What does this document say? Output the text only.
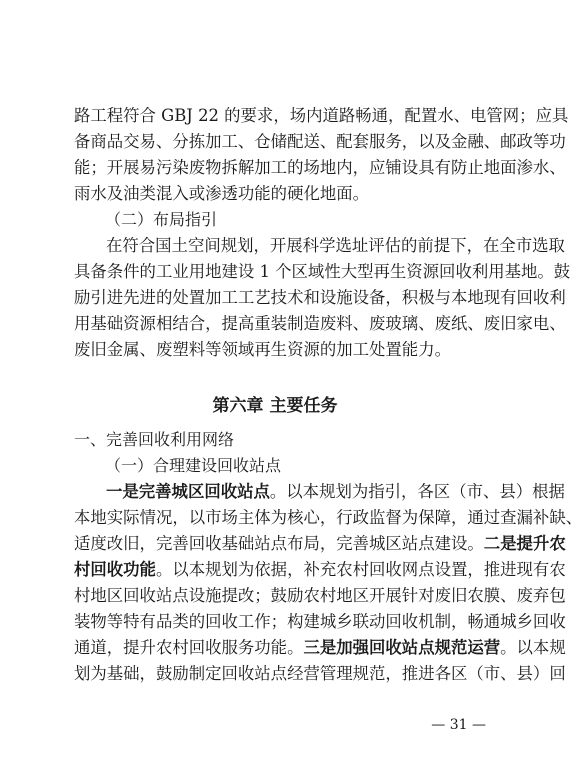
路工程符合 GBJ 22 的要求，场内道路畅通，配置水、电管网；应具
备商品交易、分拣加工、仓储配送、配套服务，以及金融、邮政等功
能；开展易污染废物拆解加工的场地内，应铺设具有防止地面渗水、
雨水及油类混入或渗透功能的硬化地面。
（二）布局指引
在符合国土空间规划，开展科学选址评估的前提下，在全市选取
具备条件的工业用地建设 1 个区域性大型再生资源回收利用基地。鼓
励引进先进的处置加工工艺技术和设施设备，积极与本地现有回收利
用基础资源相结合，提高重装制造废料、废玻璃、废纸、废旧家电、
废旧金属、废塑料等领域再生资源的加工处置能力。
第六章 主要任务
一、完善回收利用网络
（一）合理建设回收站点
一是完善城区回收站点。以本规划为指引，各区（市、县）根据
本地实际情况，以市场主体为核心，行政监督为保障，通过查漏补缺、
适度改旧，完善回收基础站点布局，完善城区站点建设。二是提升农
村回收功能。以本规划为依据，补充农村回收网点设置，推进现有农
村地区回收站点设施提改；鼓励农村地区开展针对废旧农膜、废弃包
装物等特有品类的回收工作；构建城乡联动回收机制，畅通城乡回收
通道，提升农村回收服务功能。三是加强回收站点规范运营。以本规
划为基础，鼓励制定回收站点经营管理规范，推进各区（市、县）回
— 31 —
